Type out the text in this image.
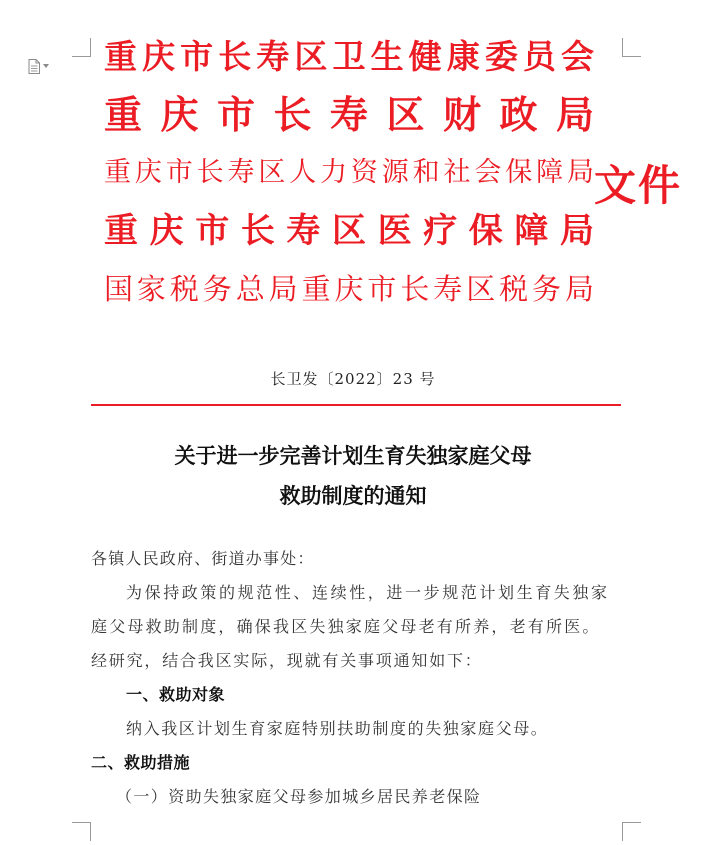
重庆市长寿区卫生健康委员会
重 庆 市 长 寿 区 财 政 局
重庆市长寿区人力资源和社会保障局
重庆市长寿区医疗保障局
国家税务总局重庆市长寿区税务局
文件
长卫发〔2022〕23 号
关于进一步完善计划生育失独家庭父母
救助制度的通知
各镇人民政府、街道办事处：
为保持政策的规范性、连续性，进一步规范计划生育失独家
庭父母救助制度，确保我区失独家庭父母老有所养，老有所医。
经研究，结合我区实际，现就有关事项通知如下：
一、救助对象
纳入我区计划生育家庭特别扶助制度的失独家庭父母。
二、救助措施
（一）资助失独家庭父母参加城乡居民养老保险
